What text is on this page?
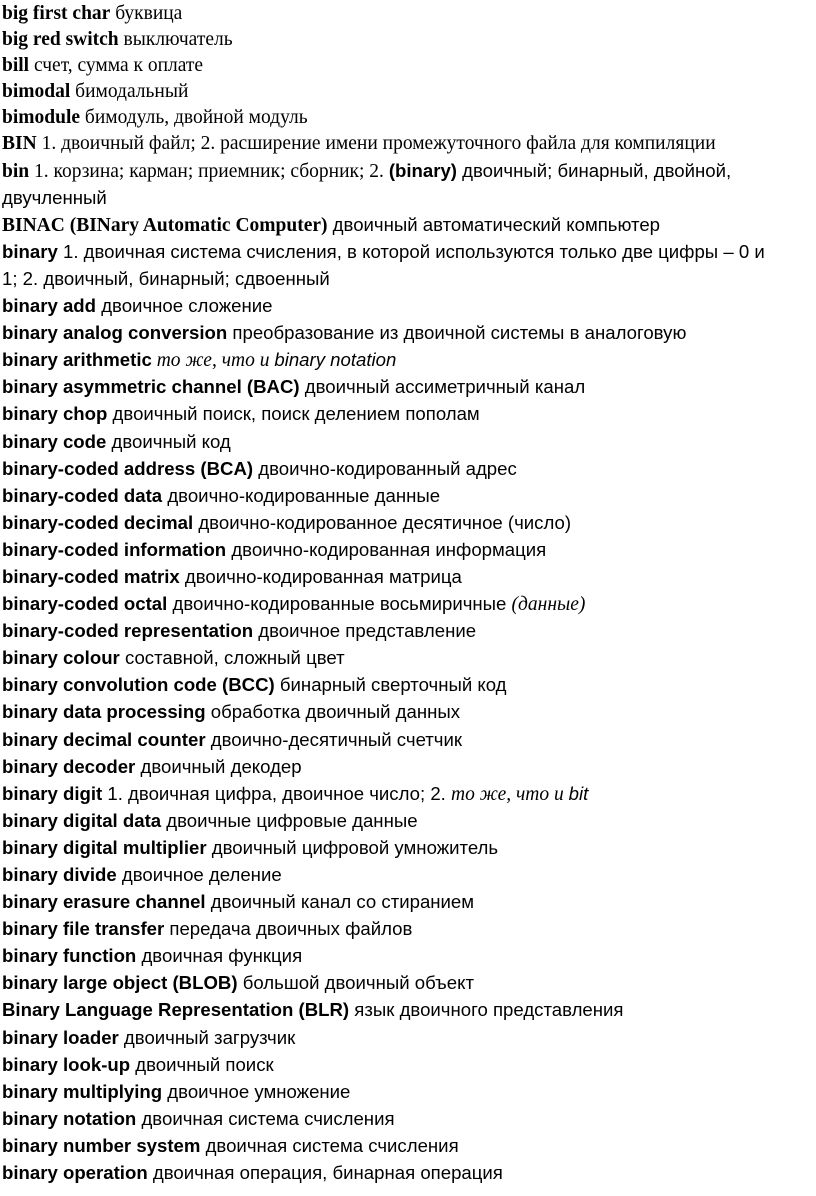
big first char буквица
big red switch выключатель
bill счет, сумма к оплате
bimodal бимодальный
bimodule бимодуль, двойной модуль
BIN 1. двоичный файл; 2. расширение имени промежуточного файла для компиляции
bin 1. корзина; карман; приемник; сборник; 2. (binary) двоичный; бинарный, двойной, двучленный
BINAC (BINary Automatic Computer) двоичный автоматический компьютер
binary 1. двоичная система счисления, в которой используются только две цифры – 0 и 1; 2. двоичный, бинарный; сдвоенный
binary add двоичное сложение
binary analog conversion преобразование из двоичной системы в аналоговую
binary arithmetic то же, что и binary notation
binary asymmetric channel (BAC) двоичный ассиметричный канал
binary chop двоичный поиск, поиск делением пополам
binary code двоичный код
binary-coded address (BCA) двоично-кодированный адрес
binary-coded data двоично-кодированные данные
binary-coded decimal двоично-кодированное десятичное (число)
binary-coded information двоично-кодированная информация
binary-coded matrix двоично-кодированная матрица
binary-coded octal двоично-кодированные восьмиричные (данные)
binary-coded representation двоичное представление
binary colour составной, сложный цвет
binary convolution code (BCC) бинарный сверточный код
binary data processing обработка двоичный данных
binary decimal counter двоично-десятичный счетчик
binary decoder двоичный декодер
binary digit 1. двоичная цифра, двоичное число; 2. то же, что и bit
binary digital data двоичные цифровые данные
binary digital multiplier двоичный цифровой умножитель
binary divide двоичное деление
binary erasure channel двоичный канал со стиранием
binary file transfer передача двоичных файлов
binary function двоичная функция
binary large object (BLOB) большой двоичный объект
Binary Language Representation (BLR) язык двоичного представления
binary loader двоичный загрузчик
binary look-up двоичный поиск
binary multiplying двоичное умножение
binary notation двоичная система счисления
binary number system двоичная система счисления
binary operation двоичная операция, бинарная операция
